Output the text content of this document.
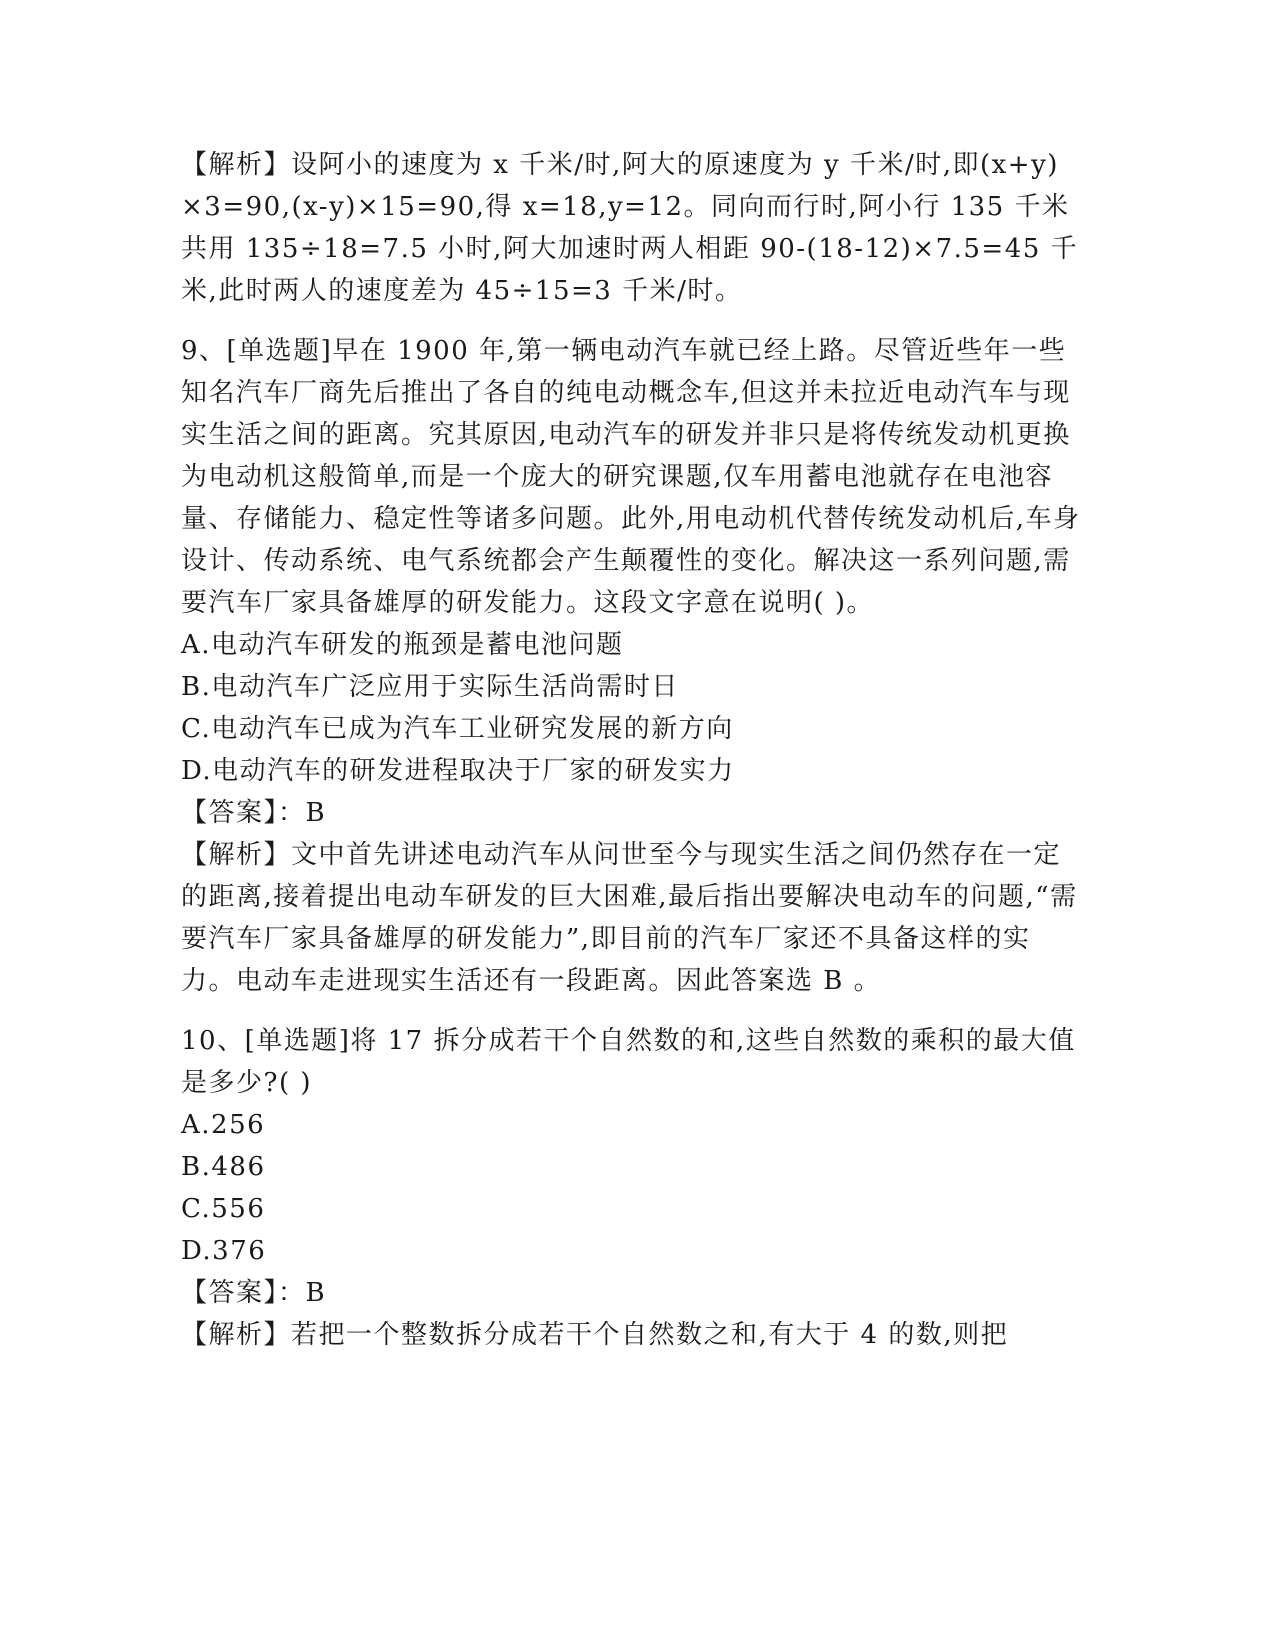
【解析】设阿小的速度为 x 千米/时,阿大的原速度为 y 千米/时,即(x+y)×3=90,(x-y)×15=90,得 x=18,y=12。同向而行时,阿小行 135 千米共用 135÷18=7.5 小时,阿大加速时两人相距 90-(18-12)×7.5=45 千米,此时两人的速度差为 45÷15=3 千米/时。

9、[单选题]早在 1900 年,第一辆电动汽车就已经上路。尽管近些年一些知名汽车厂商先后推出了各自的纯电动概念车,但这并未拉近电动汽车与现实生活之间的距离。究其原因,电动汽车的研发并非只是将传统发动机更换为电动机这般简单,而是一个庞大的研究课题,仅车用蓄电池就存在电池容量、存储能力、稳定性等诸多问题。此外,用电动机代替传统发动机后,车身设计、传动系统、电气系统都会产生颠覆性的变化。解决这一系列问题,需要汽车厂家具备雄厚的研发能力。这段文字意在说明( )。

A.电动汽车研发的瓶颈是蓄电池问题

B.电动汽车广泛应用于实际生活尚需时日

C.电动汽车已成为汽车工业研究发展的新方向

D.电动汽车的研发进程取决于厂家的研发实力

【答案】：B

【解析】文中首先讲述电动汽车从问世至今与现实生活之间仍然存在一定的距离,接着提出电动车研发的巨大困难,最后指出要解决电动车的问题,“需要汽车厂家具备雄厚的研发能力”,即目前的汽车厂家还不具备这样的实力。电动车走进现实生活还有一段距离。因此答案选 B 。

10、[单选题]将 17 拆分成若干个自然数的和,这些自然数的乘积的最大值是多少?( )

A.256

B.486

C.556

D.376

【答案】：B

【解析】若把一个整数拆分成若干个自然数之和,有大于 4 的数,则把
